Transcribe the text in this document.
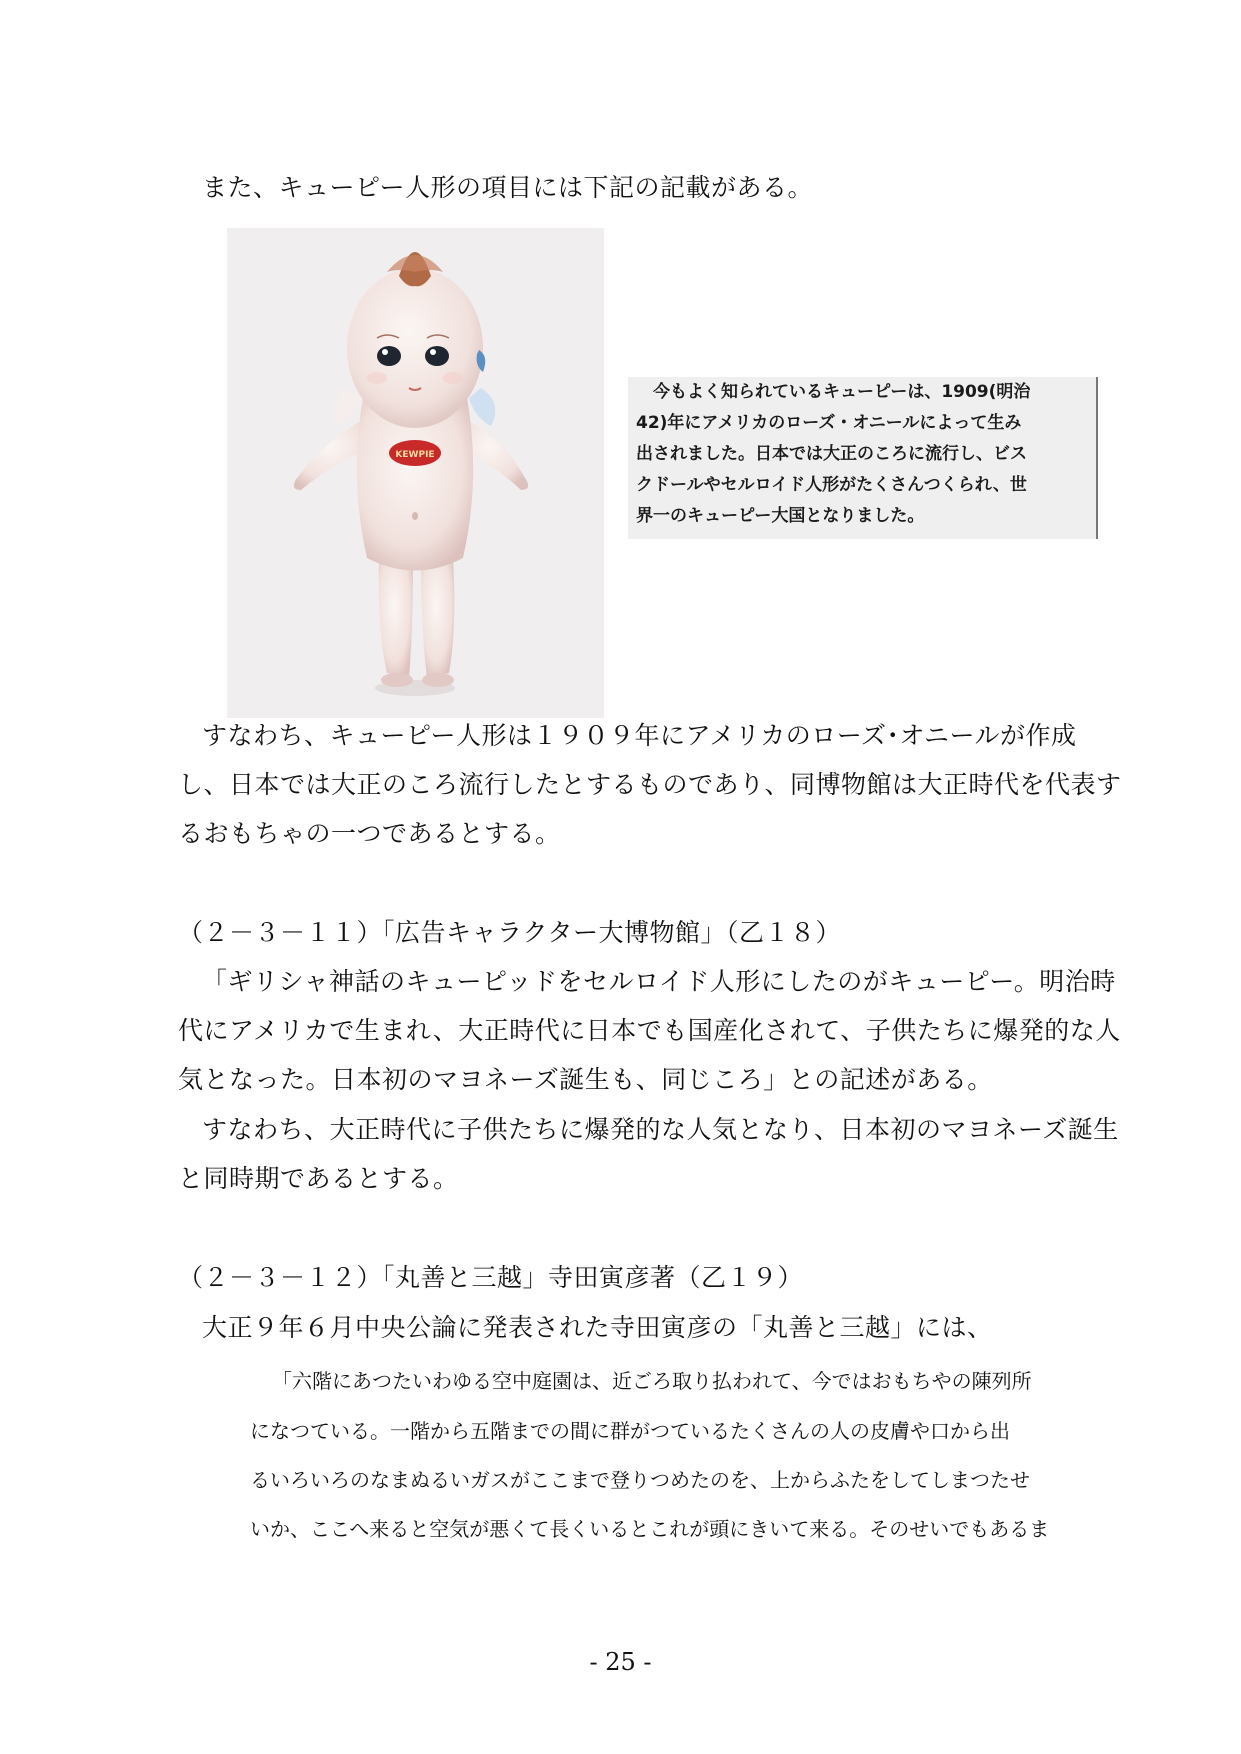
また、キューピー人形の項目には下記の記載がある。
KEWPIE
　今もよく知られているキューピーは、1909(明治
42)年にアメリカのローズ・オニールによって生み
出されました。日本では大正のころに流行し、ビス
クドールやセルロイド人形がたくさんつくられ、世
界一のキューピー大国となりました。
すなわち、キューピー人形は１９０９年にアメリカのローズ･オニールが作成
し、日本では大正のころ流行したとするものであり、同博物館は大正時代を代表す
るおもちゃの一つであるとする。
（２－３－１１）「広告キャラクター大博物館」（乙１８）
「ギリシャ神話のキューピッドをセルロイド人形にしたのがキューピー。明治時
代にアメリカで生まれ、大正時代に日本でも国産化されて、子供たちに爆発的な人
気となった。日本初のマヨネーズ誕生も、同じころ」との記述がある。
すなわち、大正時代に子供たちに爆発的な人気となり、日本初のマヨネーズ誕生
と同時期であるとする。
（２－３－１２）「丸善と三越」寺田寅彦著（乙１９）
大正９年６月中央公論に発表された寺田寅彦の「丸善と三越」には、
「六階にあつたいわゆる空中庭園は、近ごろ取り払われて、今ではおもちやの陳列所
になつている。一階から五階までの間に群がつているたくさんの人の皮膚や口から出
るいろいろのなまぬるいガスがここまで登りつめたのを、上からふたをしてしまつたせ
いか、ここへ来ると空気が悪くて長くいるとこれが頭にきいて来る。そのせいでもあるま
- 25 -
